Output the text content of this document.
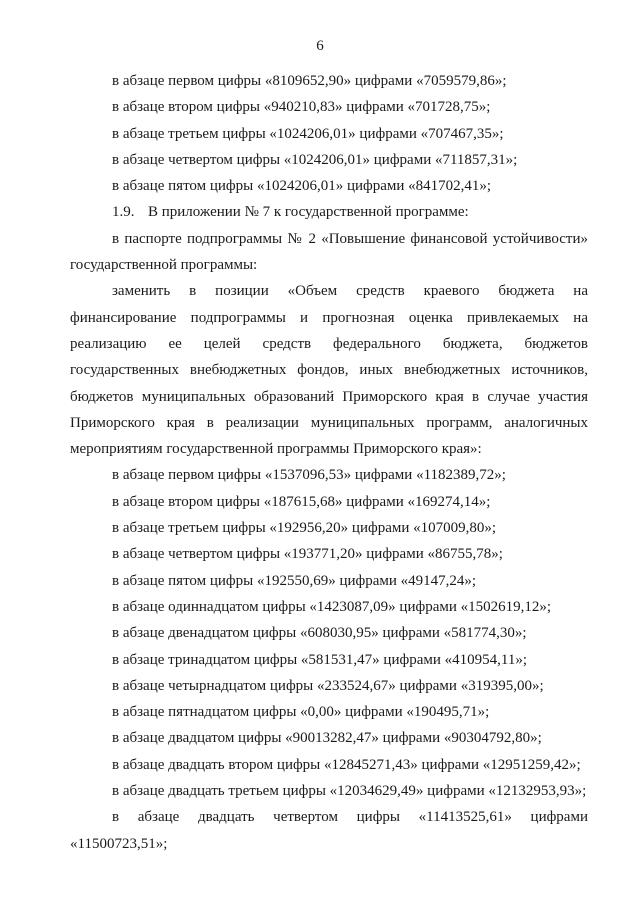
6

в абзаце первом цифры «8109652,90» цифрами «7059579,86»;

в абзаце втором цифры «940210,83» цифрами «701728,75»;

в абзаце третьем цифры «1024206,01» цифрами «707467,35»;

в абзаце четвертом цифры «1024206,01» цифрами «711857,31»;

в абзаце пятом цифры «1024206,01» цифрами «841702,41»;

1.9. В приложении № 7 к государственной программе:

в паспорте подпрограммы № 2 «Повышение финансовой устойчивости» государственной программы:

заменить в позиции «Объем средств краевого бюджета на финансирование подпрограммы и прогнозная оценка привлекаемых на реализацию ее целей средств федерального бюджета, бюджетов государственных внебюджетных фондов, иных внебюджетных источников, бюджетов муниципальных образований Приморского края в случае участия Приморского края в реализации муниципальных программ, аналогичных мероприятиям государственной программы Приморского края»:

в абзаце первом цифры «1537096,53» цифрами «1182389,72»;

в абзаце втором цифры «187615,68» цифрами «169274,14»;

в абзаце третьем цифры «192956,20» цифрами «107009,80»;

в абзаце четвертом цифры «193771,20» цифрами «86755,78»;

в абзаце пятом цифры «192550,69» цифрами «49147,24»;

в абзаце одиннадцатом цифры «1423087,09» цифрами «1502619,12»;

в абзаце двенадцатом цифры «608030,95» цифрами «581774,30»;

в абзаце тринадцатом цифры «581531,47» цифрами «410954,11»;

в абзаце четырнадцатом цифры «233524,67» цифрами «319395,00»;

в абзаце пятнадцатом цифры «0,00» цифрами «190495,71»;

в абзаце двадцатом цифры «90013282,47» цифрами «90304792,80»;

в абзаце двадцать втором цифры «12845271,43» цифрами «12951259,42»;

в абзаце двадцать третьем цифры «12034629,49» цифрами «12132953,93»;

в абзаце двадцать четвертом цифры «11413525,61» цифрами

«11500723,51»;
